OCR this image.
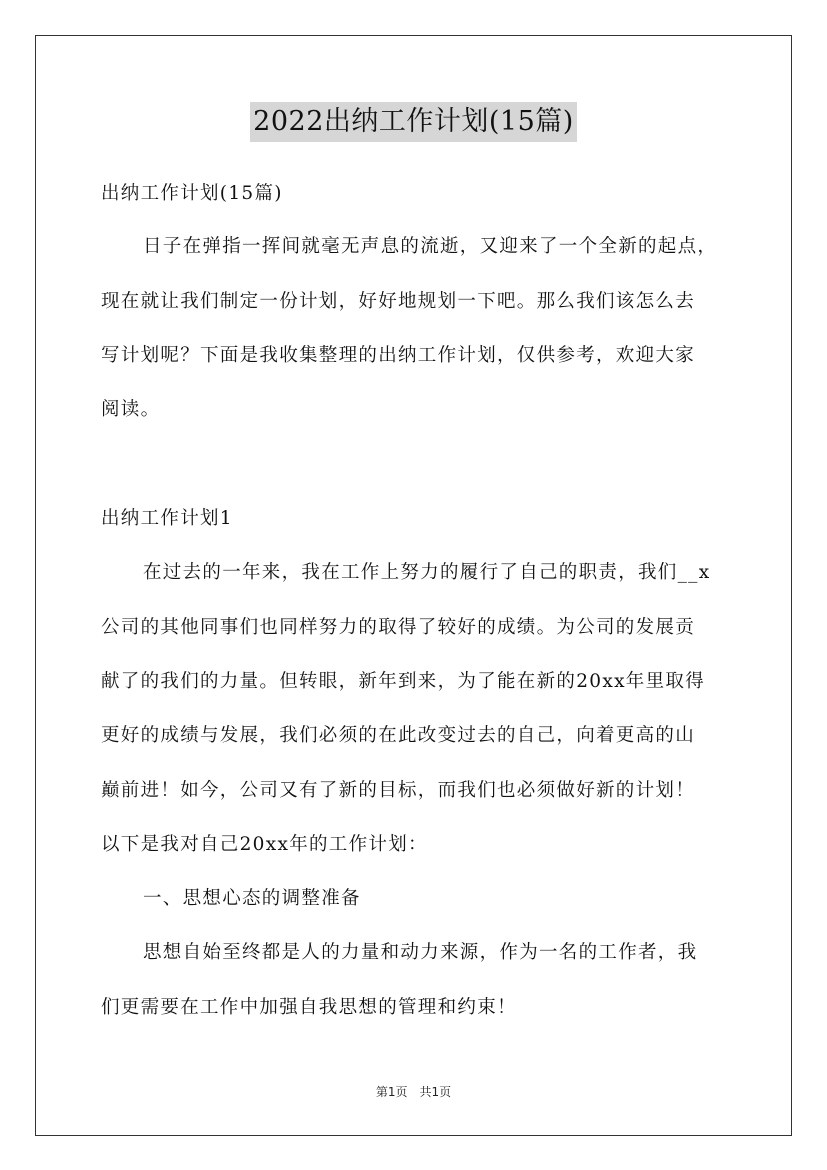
2022出纳工作计划(15篇)
出纳工作计划(15篇)
日子在弹指一挥间就毫无声息的流逝，又迎来了一个全新的起点，
现在就让我们制定一份计划，好好地规划一下吧。那么我们该怎么去
写计划呢？下面是我收集整理的出纳工作计划，仅供参考，欢迎大家
阅读。
出纳工作计划1
在过去的一年来，我在工作上努力的履行了自己的职责，我们__x
公司的其他同事们也同样努力的取得了较好的成绩。为公司的发展贡
献了的我们的力量。但转眼，新年到来，为了能在新的20xx年里取得
更好的成绩与发展，我们必须的在此改变过去的自己，向着更高的山
巅前进！如今，公司又有了新的目标，而我们也必须做好新的计划！
以下是我对自己20xx年的工作计划：
一、思想心态的调整准备
思想自始至终都是人的力量和动力来源，作为一名的工作者，我
们更需要在工作中加强自我思想的管理和约束！
第1页 共1页
